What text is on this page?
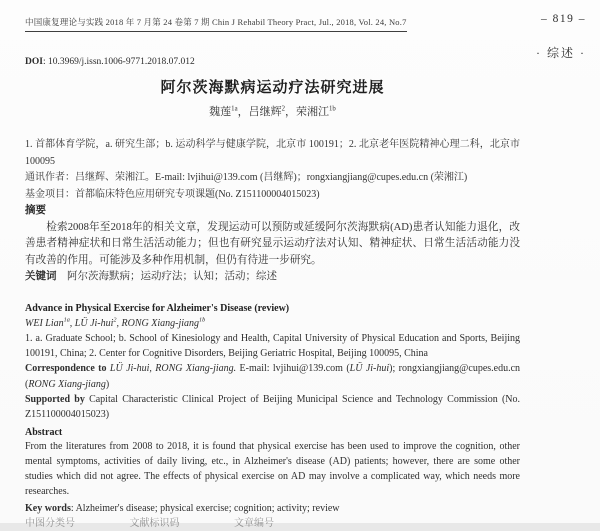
中国康复理论与实践 2018 年 7 月第 24 卷第 7 期 Chin J Rehabil Theory Pract, Jul., 2018, Vol. 24, No.7	– 819 –
· 综述 ·
DOI: 10.3969/j.issn.1006-9771.2018.07.012
阿尔茨海默病运动疗法研究进展
魏莲$^{1a}$，吕继辉$^2$，荣湘江$^{1b}$
1. 首都体育学院，a. 研究生部；b. 运动科学与健康学院，北京市 100191；2. 北京老年医院精神心理二科，北京市 100095
通讯作者：吕继辉、荣湘江。E-mail: lvjihui@139.com (吕继辉)；rongxiangjiang@cupes.edu.cn (荣湘江)
基金项目：首都临床特色应用研究专项课题(No. Z151100004015023)
摘要

检索2008年至2018年的相关文章，发现运动可以预防或延缓阿尔茨海默病(AD)患者认知能力退化，改善患者精神症状和日常生活活动能力；但也有研究显示运动疗法对认知、精神症状、日常生活活动能力没有改善的作用。可能涉及多种作用机制，但仍有待进一步研究。

关键词　阿尔茨海默病；运动疗法；认知；活动；综述
Advance in Physical Exercise for Alzheimer's Disease (review)
WEI Lian$^{1a}$, LÜ Ji-hui$^2$, RONG Xiang-jiang$^{1b}$
1. a. Graduate School; b. School of Kinesiology and Health, Capital University of Physical Education and Sports, Beijing 100191, China; 2. Center for Cognitive Disorders, Beijing Geriatric Hospital, Beijing 100095, China
Correspondence to LÜ Ji-hui, RONG Xiang-jiang. E-mail: lvjihui@139.com (LÜ Ji-hui); rongxiangjiang@cupes.edu.cn (RONG Xiang-jiang)
Supported by Capital Characteristic Clinical Project of Beijing Municipal Science and Technology Commission (No. Z151100004015023)
Abstract

From the literatures from 2008 to 2018, it is found that physical exercise has been used to improve the cognition, other mental symptoms, activities of daily living, etc., in Alzheimer's disease (AD) patients; however, there are some other studies which did not agree. The effects of physical exercise on AD may involve a complicated way, which needs more researches.

Key words: Alzheimer's disease; physical exercise; cognition; activity; review
中图分类号	文献标识码	文章编号
